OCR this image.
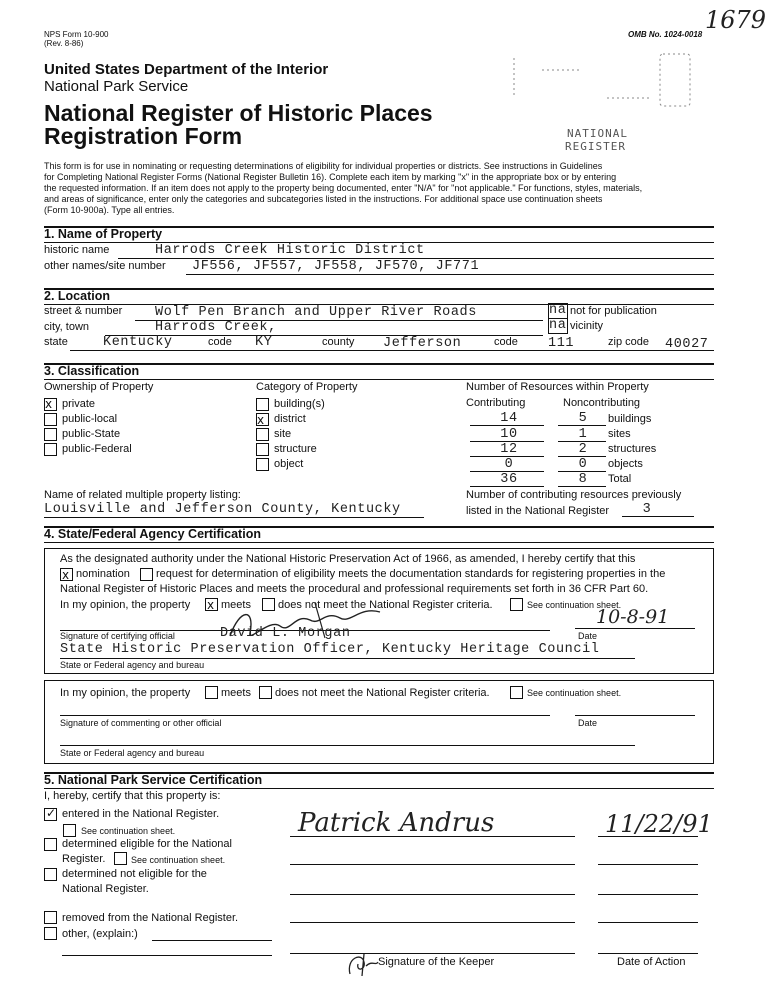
NPS Form 10-900
(Rev. 8-86)
OMB No. 1024-0018
1679
United States Department of the Interior
National Park Service
National Register of Historic Places
Registration Form	NATIONAL
REGISTER
This form is for use in nominating or requesting determinations of eligibility for individual properties or districts. See instructions in Guidelines
for Completing National Register Forms (National Register Bulletin 16). Complete each item by marking "x" in the appropriate box or by entering
the requested information. If an item does not apply to the property being documented, enter "N/A" for "not applicable." For functions, styles, materials,
and areas of significance, enter only the categories and subcategories listed in the instructions. For additional space use continuation sheets
(Form 10-900a). Type all entries.
1. Name of Property
historic name	Harrods Creek Historic District
other names/site number JF556, JF557, JF558, JF570, JF771
2. Location
street & number Wolf Pen Branch and Upper River Roads	na not for publication
city, town	Harrods Creek,	na vicinity
state	Kentucky	code KY	county Jefferson	code 111	zip code 40027
3. Classification
Ownership of Property	Category of Property	Number of Resources within Property
x private
public-local
public-State
public-Federal
building(s)
x district
site
structure
object
Contributing	Noncontributing
14	5	buildings
10	1	sites
12	2	structures
0	0	objects
36	8	Total
Name of related multiple property listing:
Louisville and Jefferson County, Kentucky
Number of contributing resources previously
listed in the National Register	3
4. State/Federal Agency Certification
As the designated authority under the National Historic Preservation Act of 1966, as amended, I hereby certify that this
x nomination request for determination of eligibility meets the documentation standards for registering properties in the
National Register of Historic Places and meets the procedural and professional requirements set forth in 36 CFR Part 60.
In my opinion, the property x meets does not meet the National Register criteria.	See continuation sheet.
Signature of certifying official	David L. Morgan
10-8-91
Date
State Historic Preservation Officer, Kentucky Heritage Council
State or Federal agency and bureau
In my opinion, the property	meets does not meet the National Register criteria.	See continuation sheet.
Signature of commenting or other official	Date
State or Federal agency and bureau
5. National Park Service Certification
I, hereby, certify that this property is:
✓ entered in the National Register.
See continuation sheet.
determined eligible for the National
Register.	See continuation sheet.
determined not eligible for the
National Register.
removed from the National Register.
other, (explain:)
Patrick Andrus	11/22/91
Signature of the Keeper	Date of Action
